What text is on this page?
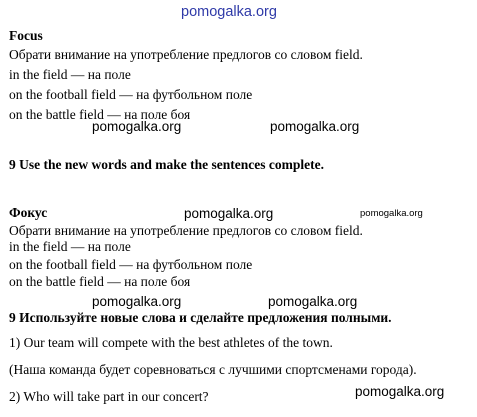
pomogalka.org
Focus
Обрати внимание на употребление предлогов со словом field.
in the field — на поле
on the football field — на футбольном поле
on the battle field — на поле боя
pomogalka.org	pomogalka.org
9 Use the new words and make the sentences complete.
Фокус	pomogalka.org	pomogalka.org
Обрати внимание на употребление предлогов со словом field.
in the field — на поле
on the football field — на футбольном поле
on the battle field — на поле боя
pomogalka.org	pomogalka.org
9 Используйте новые слова и сделайте предложения полными.
1) Our team will compete with the best athletes of the town.
(Наша команда будет соревноваться с лучшими спортсменами города).
pomogalka.org
2) Who will take part in our concert?
